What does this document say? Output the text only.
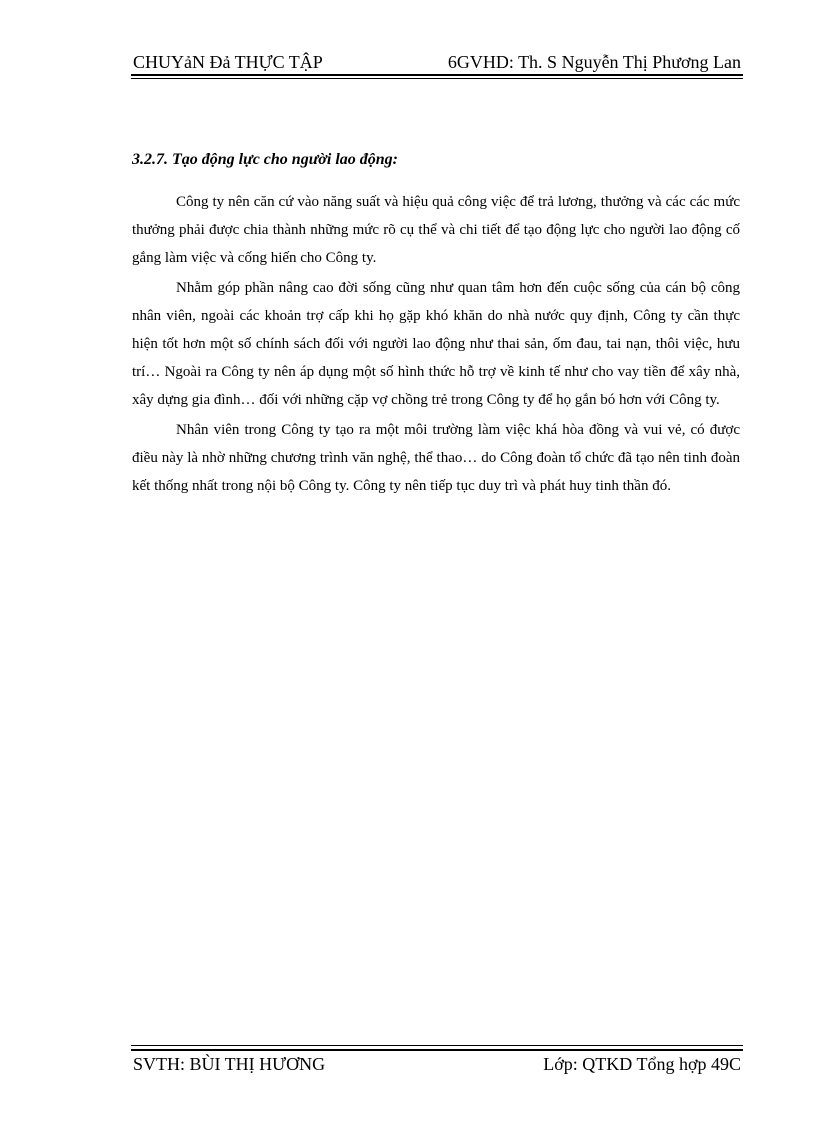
CHUYảN Đả THỰC TẬP	6GVHD: Th. S Nguyễn Thị Phương Lan
3.2.7. Tạo động lực cho người lao động:

Công ty nên căn cứ vào năng suất và hiệu quả công việc để trả lương, thưởng và các các mức thưởng phải được chia thành những mức rõ cụ thể và chi tiết để tạo động lực cho người lao động cố gắng làm việc và cống hiến cho Công ty.

Nhằm góp phần nâng cao đời sống cũng như quan tâm hơn đến cuộc sống của cán bộ công nhân viên, ngoài các khoản trợ cấp khi họ gặp khó khăn do nhà nước quy định, Công ty cần thực hiện tốt hơn một số chính sách đối với người lao động như thai sản, ốm đau, tai nạn, thôi việc, hưu trí… Ngoài ra Công ty nên áp dụng một số hình thức hỗ trợ về kinh tế như cho vay tiền để xây nhà, xây dựng gia đình… đối với những cặp vợ chồng trẻ trong Công ty để họ gắn bó hơn với Công ty.

Nhân viên trong Công ty tạo ra một môi trường làm việc khá hòa đồng và vui vẻ, có được điều này là nhờ những chương trình văn nghệ, thể thao… do Công đoàn tổ chức đã tạo nên tinh đoàn kết thống nhất trong nội bộ Công ty. Công ty nên tiếp tục duy trì và phát huy tinh thần đó.

SVTH: BÙI THỊ HƯƠNG	Lớp: QTKD Tổng hợp 49C
